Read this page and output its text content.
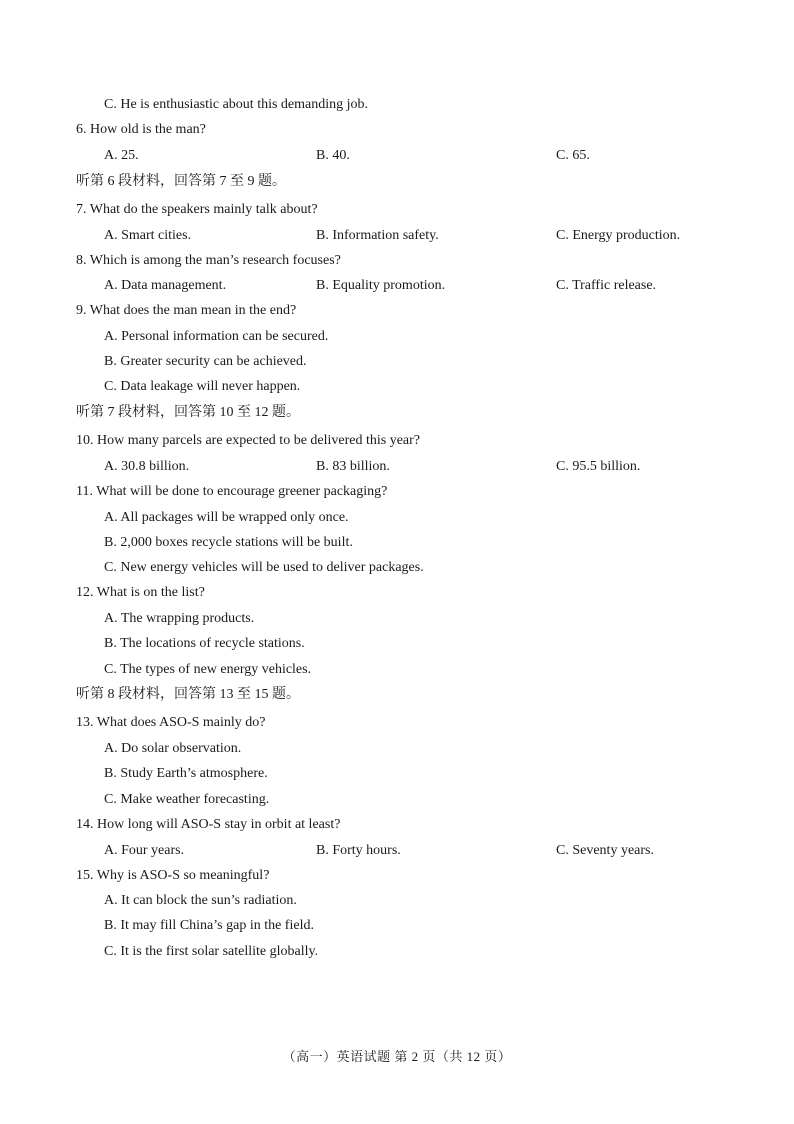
C. He is enthusiastic about this demanding job.
6. How old is the man?
A. 25.	B. 40.	C. 65.
听第 6 段材料，回答第 7 至 9 题。
7. What do the speakers mainly talk about?
A. Smart cities.	B. Information safety.	C. Energy production.
8. Which is among the man’s research focuses?
A. Data management.	B. Equality promotion.	C. Traffic release.
9. What does the man mean in the end?
A. Personal information can be secured.
B. Greater security can be achieved.
C. Data leakage will never happen.
听第 7 段材料，回答第 10 至 12 题。
10. How many parcels are expected to be delivered this year?
A. 30.8 billion.	B. 83 billion.	C. 95.5 billion.
11. What will be done to encourage greener packaging?
A. All packages will be wrapped only once.
B. 2,000 boxes recycle stations will be built.
C. New energy vehicles will be used to deliver packages.
12. What is on the list?
A. The wrapping products.
B. The locations of recycle stations.
C. The types of new energy vehicles.
听第 8 段材料，回答第 13 至 15 题。
13. What does ASO-S mainly do?
A. Do solar observation.
B. Study Earth’s atmosphere.
C. Make weather forecasting.
14. How long will ASO-S stay in orbit at least?
A. Four years.	B. Forty hours.	C. Seventy years.
15. Why is ASO-S so meaningful?
A. It can block the sun’s radiation.
B. It may fill China’s gap in the field.
C. It is the first solar satellite globally.
（高一）英语试题 第 2 页（共 12 页）
